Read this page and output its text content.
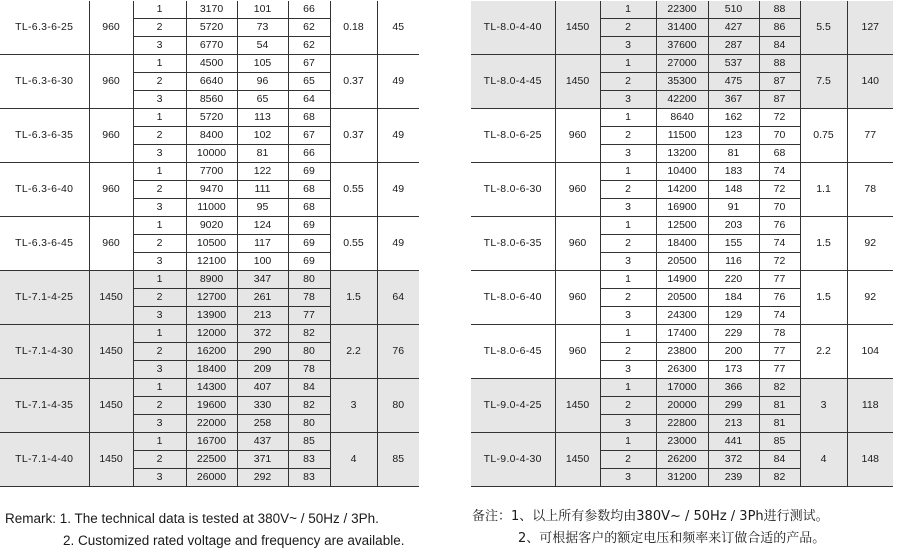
TL-6.3-6-25	960	1	3170	101	66	0.18	45
		2	5720	73	62		
		3	6770	54	62		
TL-6.3-6-30	960	1	4500	105	67	0.37	49
		2	6640	96	65		
		3	8560	65	64		
TL-6.3-6-35	960	1	5720	113	68	0.37	49
		2	8400	102	67		
		3	10000	81	66		
TL-6.3-6-40	960	1	7700	122	69	0.55	49
		2	9470	111	68		
		3	11000	95	68		
TL-6.3-6-45	960	1	9020	124	69	0.55	49
		2	10500	117	69		
		3	12100	100	69		
TL-7.1-4-25	1450	1	8900	347	80	1.5	64
		2	12700	261	78		
		3	13900	213	77		
TL-7.1-4-30	1450	1	12000	372	82	2.2	76
		2	16200	290	80		
		3	18400	209	78		
TL-7.1-4-35	1450	1	14300	407	84	3	80
		2	19600	330	82		
		3	22000	258	80		
TL-7.1-4-40	1450	1	16700	437	85	4	85
		2	22500	371	83		
		3	26000	292	83		
TL-8.0-4-40	1450	1	22300	510	88	5.5	127
		2	31400	427	86		
		3	37600	287	84		
TL-8.0-4-45	1450	1	27000	537	88	7.5	140
		2	35300	475	87		
		3	42200	367	87		
TL-8.0-6-25	960	1	8640	162	72	0.75	77
		2	11500	123	70		
		3	13200	81	68		
TL-8.0-6-30	960	1	10400	183	74	1.1	78
		2	14200	148	72		
		3	16900	91	70		
TL-8.0-6-35	960	1	12500	203	76	1.5	92
		2	18400	155	74		
		3	20500	116	72		
TL-8.0-6-40	960	1	14900	220	77	1.5	92
		2	20500	184	76		
		3	24300	129	74		
TL-8.0-6-45	960	1	17400	229	78	2.2	104
		2	23800	200	77		
		3	26300	173	77		
TL-9.0-4-25	1450	1	17000	366	82	3	118
		2	20000	299	81		
		3	22800	213	81		
TL-9.0-4-30	1450	1	23000	441	85	4	148
		2	26200	372	84		
		3	31200	239	82		
Remark: 1. The technical data is tested at 380V~ / 50Hz / 3Ph.
2. Customized rated voltage and frequency are available.
备注：1、以上所有参数均由380V~ / 50Hz / 3Ph进行测试。
2、可根据客户的额定电压和频率来订做合适的产品。
